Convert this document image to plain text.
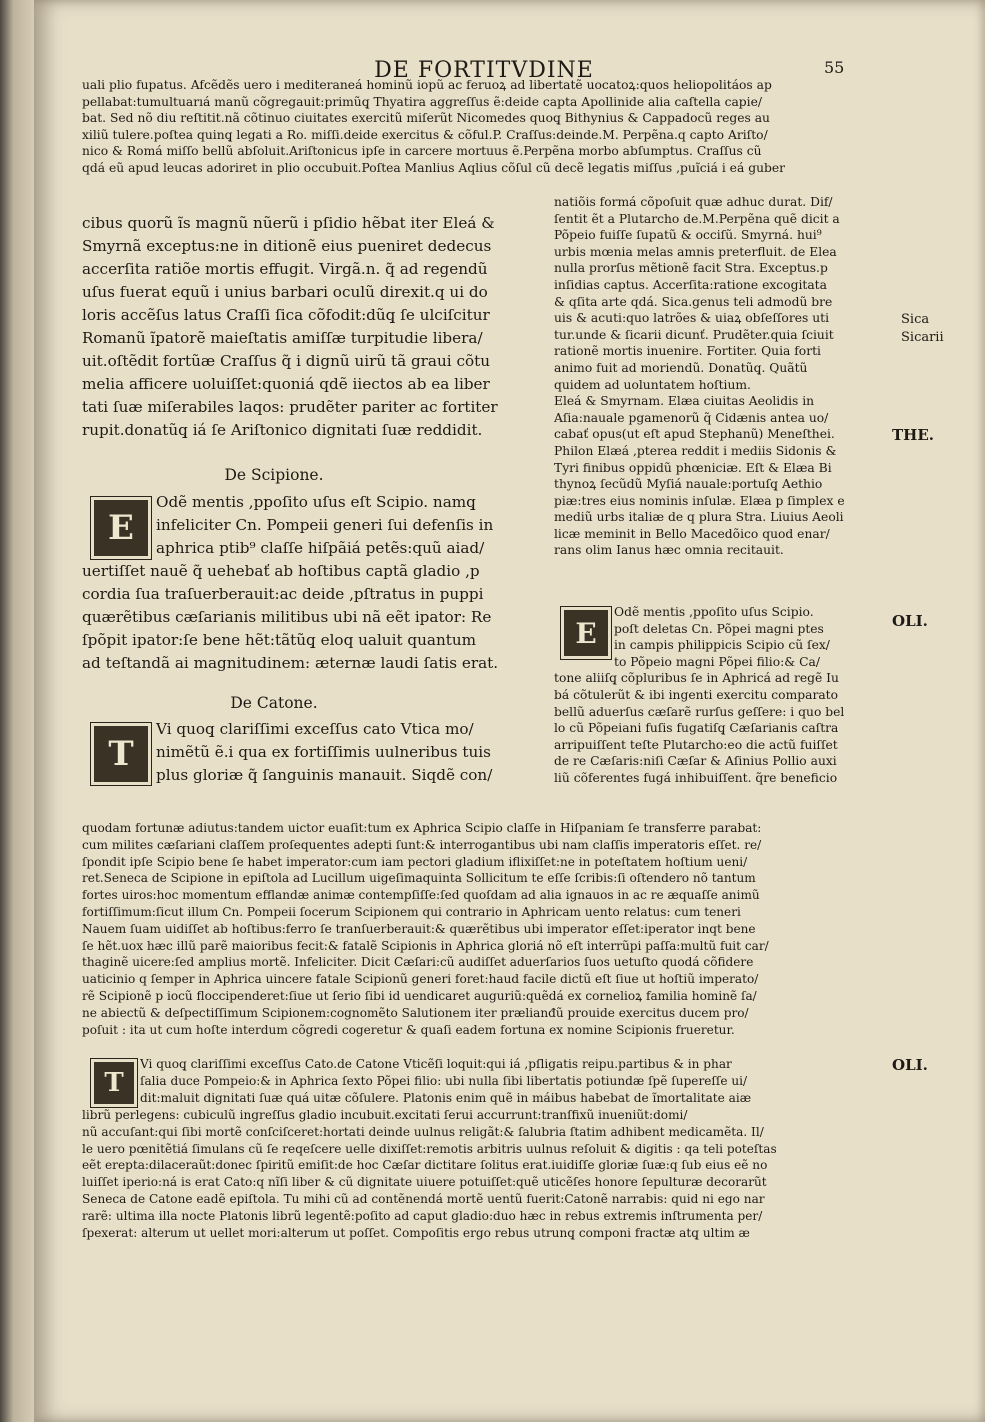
DE FORTITVDINE	55
uali plio fupatus. Afcẽdẽs uero i mediteraneá hominũ iopũ ac feruoꝝ ad libertatẽ uocatoꝝ:quos heliopolitáos ap
pellabat:tumultuarıá manũ cõgregauit:primũq̧ Thyatira aggreſſus ẽ:deide capta Apollinide alia caſtella capie/
bat. Sed nõ diu reſtitit.nã cõtinuo ciuitates exercitũ miſerũt Nicomedes quoq̧ Bithynius & Cappadocũ reges au
xiliũ tulere.poſtea quinq̧ legati a Ro. miſſi.deide exercitus & cõful.P. Craſſus:deinde.M. Perpẽna.q capto Ariſto/
nico & Romá miſſo bellũ abſoluit.Ariſtonicus ipſe in carcere mortuus ẽ.Perpẽna morbo abſumptus. Craſſus cũ
qdá eũ apud leucas adoriret in plio occubuit.Poſtea Manlius Aqlius cõſul cũ decẽ legatis miſſus ,puĩciá i eá guber
cibus quorũ ĩs magnũ nũerũ i pſidio hẽbat iter Eleá &
Smyrnã exceptus:ne in ditionẽ eius pueniret dedecus
accerſita ratiõe mortis effugit. Virgã.n. q̃ ad regendũ
uſus fuerat equũ i unius barbari oculũ direxit.q ui do
loris accẽſus latus Craſſi ſica cõfodit:dũq̧ ſe ulciſcitur
Romanũ ĩpatorẽ maieſtatis amiſſæ turpitudie libera/
uit.oſtẽdit fortũæ Craſſus q̃ i dignũ uirũ tã graui cõtu
melia afficere uoluiſſet:quoniá qdẽ iiectos ab ea liber
tati ſuæ miſerabiles laqos: prudẽter pariter ac fortiter
rupit.donatũq̧ iá ſe Ariſtonico dignitati ſuæ reddidit.
De Scipione.
E
Odẽ mentis ,ppoſito uſus eſt Scipio. namq̧
infeliciter Cn. Pompeii generi ſui defenſis in
aphrica ptib⁹ claſſe hiſpãiá petẽs:quũ aiad/
uertiſſet nauẽ q̃ uehebať ab hoſtibus captã gladio ,p
cordia ſua traſuerberauit:ac deide ,pſtratus in puppi
quærẽtibus cæſarianis militibus ubi nã eẽt ipator: Re
ſpõpit ipator:ſe bene hẽt:tãtũq̧ eloq ualuit quantum
ad teſtandã ai magnitudinem: æternæ laudi ſatis erat.
De Catone.
T
Vi quoq̧ clariſſimi exceſſus cato Vtica mo/
nimẽtũ ẽ.i qua ex fortiſſimis uulneribus tuis
plus gloriæ q̃ ſanguinis manauit. Siqdẽ con/
natiõis formá cõpoſuit quæ adhuc durat. Dif/
ſentit ẽt a Plutarcho de.M.Perpẽna quẽ dicit a
Põpeio fuiſſe ſupatũ & occiſũ. Smyrná. hui⁹
urbis mœnia melas amnis preterfluit. de Elea
nulla prorſus mẽtionẽ facit Stra. Exceptus.p
inſidias captus. Accerſita:ratione excogitata
& qſita arte qdá. Sica.genus teli admodũ bre
uis & acuti:quo latrões & uiaꝝ obſeſſores uti
tur.unde & ſicarii dicunť. Prudẽter.quia ſciuit
rationẽ mortis inuenire. Fortiter. Quia forti
animo fuit ad moriendũ. Donatũq̧. Quãtũ
quidem ad uoluntatem hoſtium.
Eleá & Smyrnam. Elæa ciuitas Aeolidis in
Aſia:nauale pgamenorũ q̃ Cidænis antea uo/
cabať opus(ut eſt apud Stephanũ) Meneſthei.
Philon Elæá ,pterea reddit i mediis Sidonis &
Tyri finibus oppidũ phœniciæ. Eſt & Elæa Bi
thynoꝝ ſecũdũ Myſiá nauale:portuſq̧ Aethio
piæ:tres eius nominis inſulæ. Elæa p ſimplex e
mediũ urbs italiæ de q plura Stra. Liuius Aeoli
licæ meminit in Bello Macedõico quod enar/
rans olim Ianus hæc omnia recitauit.
E
Odẽ mentis ,ppoſito uſus Scipio.
poſt deletas Cn. Põpei magni ptes
in campis philippicis Scipio cũ ſex/
to Põpeio magni Põpei filio:& Ca/
tone aliiſq̧ cõpluribus ſe in Aphricá ad regẽ Iu
bá cõtulerũt & ibi ingenti exercitu comparato
bellũ aduerſus cæſarẽ rurſus geſſere: i quo bel
lo cũ Põpeiani fuſis fugatiſq̧ Cæſarianis caſtra
arripuiſſent teſte Plutarcho:eo die actũ fuiſſet
de re Cæſaris:niſi Cæſar & Aſinius Pollio auxi
liũ cõferentes fugá inhibuiſſent. q̃re beneficio
Sica
Sicarii
THE.
OLI.
OLI.
quodam fortunæ adiutus:tandem uictor euaſit:tum ex Aphrica Scipio claſſe in Hiſpaniam ſe transferre parabat:
cum milites cæſariani claſſem proſequentes adepti ſunt:& interrogantibus ubi nam claſſis imperatoris eſſet. re/
ſpondit ipſe Scipio bene ſe habet imperator:cum iam pectori gladium iflixiſſet:ne in poteſtatem hoſtium ueni/
ret.Seneca de Scipione in epiſtola ad Lucillum uigeſimaquinta Sollicitum te eſſe ſcribis:ſi oſtendero nõ tantum
fortes uiros:hoc momentum efflandæ animæ contempſiſſe:ſed quoſdam ad alia ignauos in ac re æquaſſe animũ
fortiſſimum:ſicut illum Cn. Pompeii ſocerum Scipionem qui contrario in Aphricam uento relatus: cum teneri
Nauem ſuam uidiſſet ab hoſtibus:ferro ſe tranſuerberauit:& quærẽtibus ubi imperator eſſet:iperator inqt bene
ſe hẽt.uox hæc illũ parẽ maioribus fecit:& fatalẽ Scipionis in Aphrica gloriá nõ eſt interrũpi paſſa:multũ fuit car/
thaginẽ uicere:ſed amplius mortẽ. Infeliciter. Dicit Cæſari:cũ audiſſet aduerſarios ſuos uetuſto quodá cõfidere
uaticinio q ſemper in Aphrica uincere fatale Scipionũ generi foret:haud facile dictũ eſt ſiue ut hoſtiũ imperato/
rẽ Scipionẽ p iocũ floccipenderet:ſiue ut ſerio ſibi id uendicaret auguriũ:quẽdá ex cornelioꝝ familia hominẽ ſa/
ne abiectũ & deſpectiſſimum Scipionem:cognomẽto Salutionem iter prælianđũ prouide exercitus ducem pro/
poſuit : ita ut cum hoſte interdum cõgredi cogeretur & quaſi eadem fortuna ex nomine Scipionis frueretur.
T
Vi quoq̧ clariſſimi exceſſus Cato.de Catone Vticẽſi loquit:qui iá ,pſligatis reipu.partibus & in phar
ſalia duce Pompeio:& in Aphrica ſexto Põpei filio: ubi nulla ſibi libertatis potiundæ ſpẽ ſupereſſe ui/
dit:maluit dignitati ſuæ quá uitæ cõſulere. Platonis enim quẽ in máibus habebat de ĩmortalitate aiæ
librũ perlegens: cubiculũ ingreſſus gladio incubuit.excitati ſerui accurrunt:tranſfixũ inueniũt:domi/
nũ accuſant:qui ſibi mortẽ conſciſceret:hortati deinde uulnus religãt:& ſalubria ſtatim adhibent medicamẽta. Il/
le uero pœnitẽtiá ſimulans cũ ſe reqeſcere uelle dixiſſet:remotis arbitris uulnus reſoluit & digitis : qa teli poteſtas
eẽt erepta:dilaceraũt:donec ſpiritũ emiſit:de hoc Cæſar dictitare ſolitus erat.iuidiſſe gloriæ ſuæ:q ſub eius eẽ no
luiſſet iperio:ná is erat Cato:q nĩſi liber & cũ dignitate uiuere potuiſſet:quẽ uticẽſes honore ſepulturæ decorarũt
Seneca de Catone eadẽ epiſtola. Tu mihi cũ ad contẽnendá mortẽ uentũ fuerit:Catonẽ narrabis: quid ni ego nar
rarẽ: ultima illa nocte Platonis librũ legentẽ:poſito ad caput gladio:duo hæc in rebus extremis inſtrumenta per/
ſpexerat: alterum ut uellet mori:alterum ut poſſet. Compoſitis ergo rebus utrunq̧ componi fractæ atq̧ ultim æ
